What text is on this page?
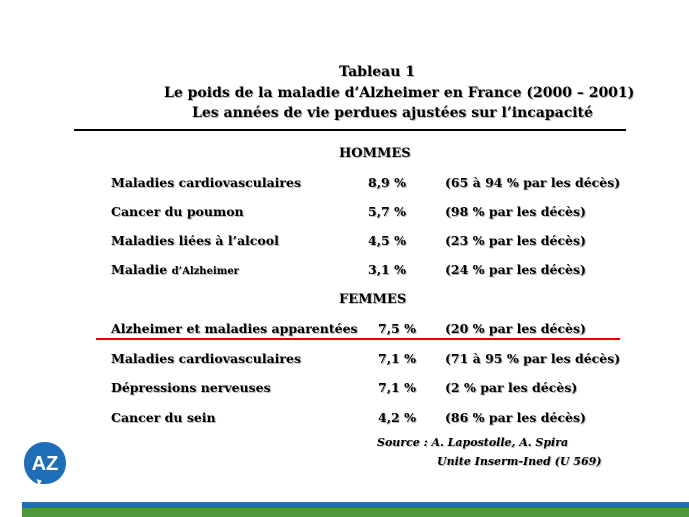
Tableau 1
Le poids de la maladie d’Alzheimer en France (2000 – 2001)
Les années de vie perdues ajustées sur l’incapacité
HOMMES
Maladies cardiovasculaires	8,9 %	(65 à 94 % par les décès)
Cancer du poumon	5,7 %	(98 % par les décès)
Maladies liées à l’alcool	4,5 %	(23 % par les décès)
Maladie d’Alzheimer	3,1 %	(24 % par les décès)
FEMMES
Alzheimer et maladies apparentées 7,5 % (20 % par les décès)
Maladies cardiovasculaires	7,1 % (71 à 95 % par les décès)
Dépressions nerveuses	7,1 % (2 % par les décès)
Cancer du sein	4,2 % (86 % par les décès)
Source : A. Lapostolle, A. Spira
Unite Inserm-Ined (U 569)
AZ
